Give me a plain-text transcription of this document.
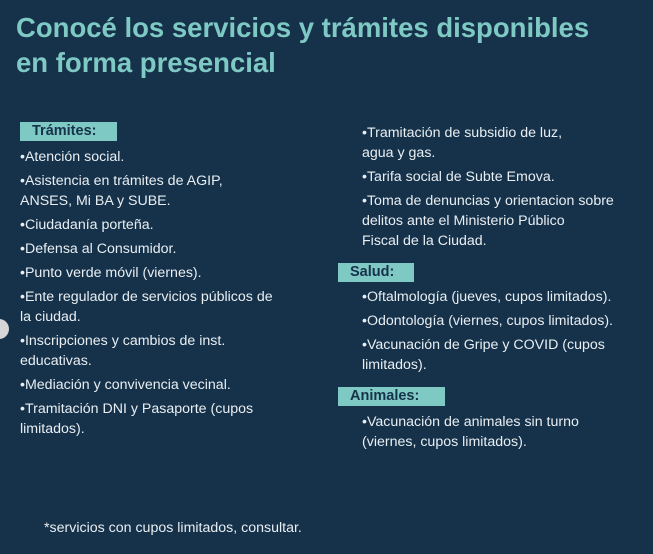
Conocé los servicios y trámites disponibles
en forma presencial
Trámites:
•Atención social.
•Asistencia en trámites de AGIP,
ANSES, Mi BA y SUBE.
•Ciudadanía porteña.
•Defensa al Consumidor.
•Punto verde móvil (viernes).
•Ente regulador de servicios públicos de
la ciudad.
•Inscripciones y cambios de inst.
educativas.
•Mediación y convivencia vecinal.
•Tramitación DNI y Pasaporte (cupos
limitados).
•Tramitación de subsidio de luz,
agua y gas.
•Tarifa social de Subte Emova.
•Toma de denuncias y orientacion sobre
delitos ante el Ministerio Público
Fiscal de la Ciudad.
Salud:
•Oftalmología (jueves, cupos limitados).
•Odontología (viernes, cupos limitados).
•Vacunación de Gripe y COVID (cupos
limitados).
Animales:
•Vacunación de animales sin turno
(viernes, cupos limitados).

*servicios con cupos limitados, consultar.
